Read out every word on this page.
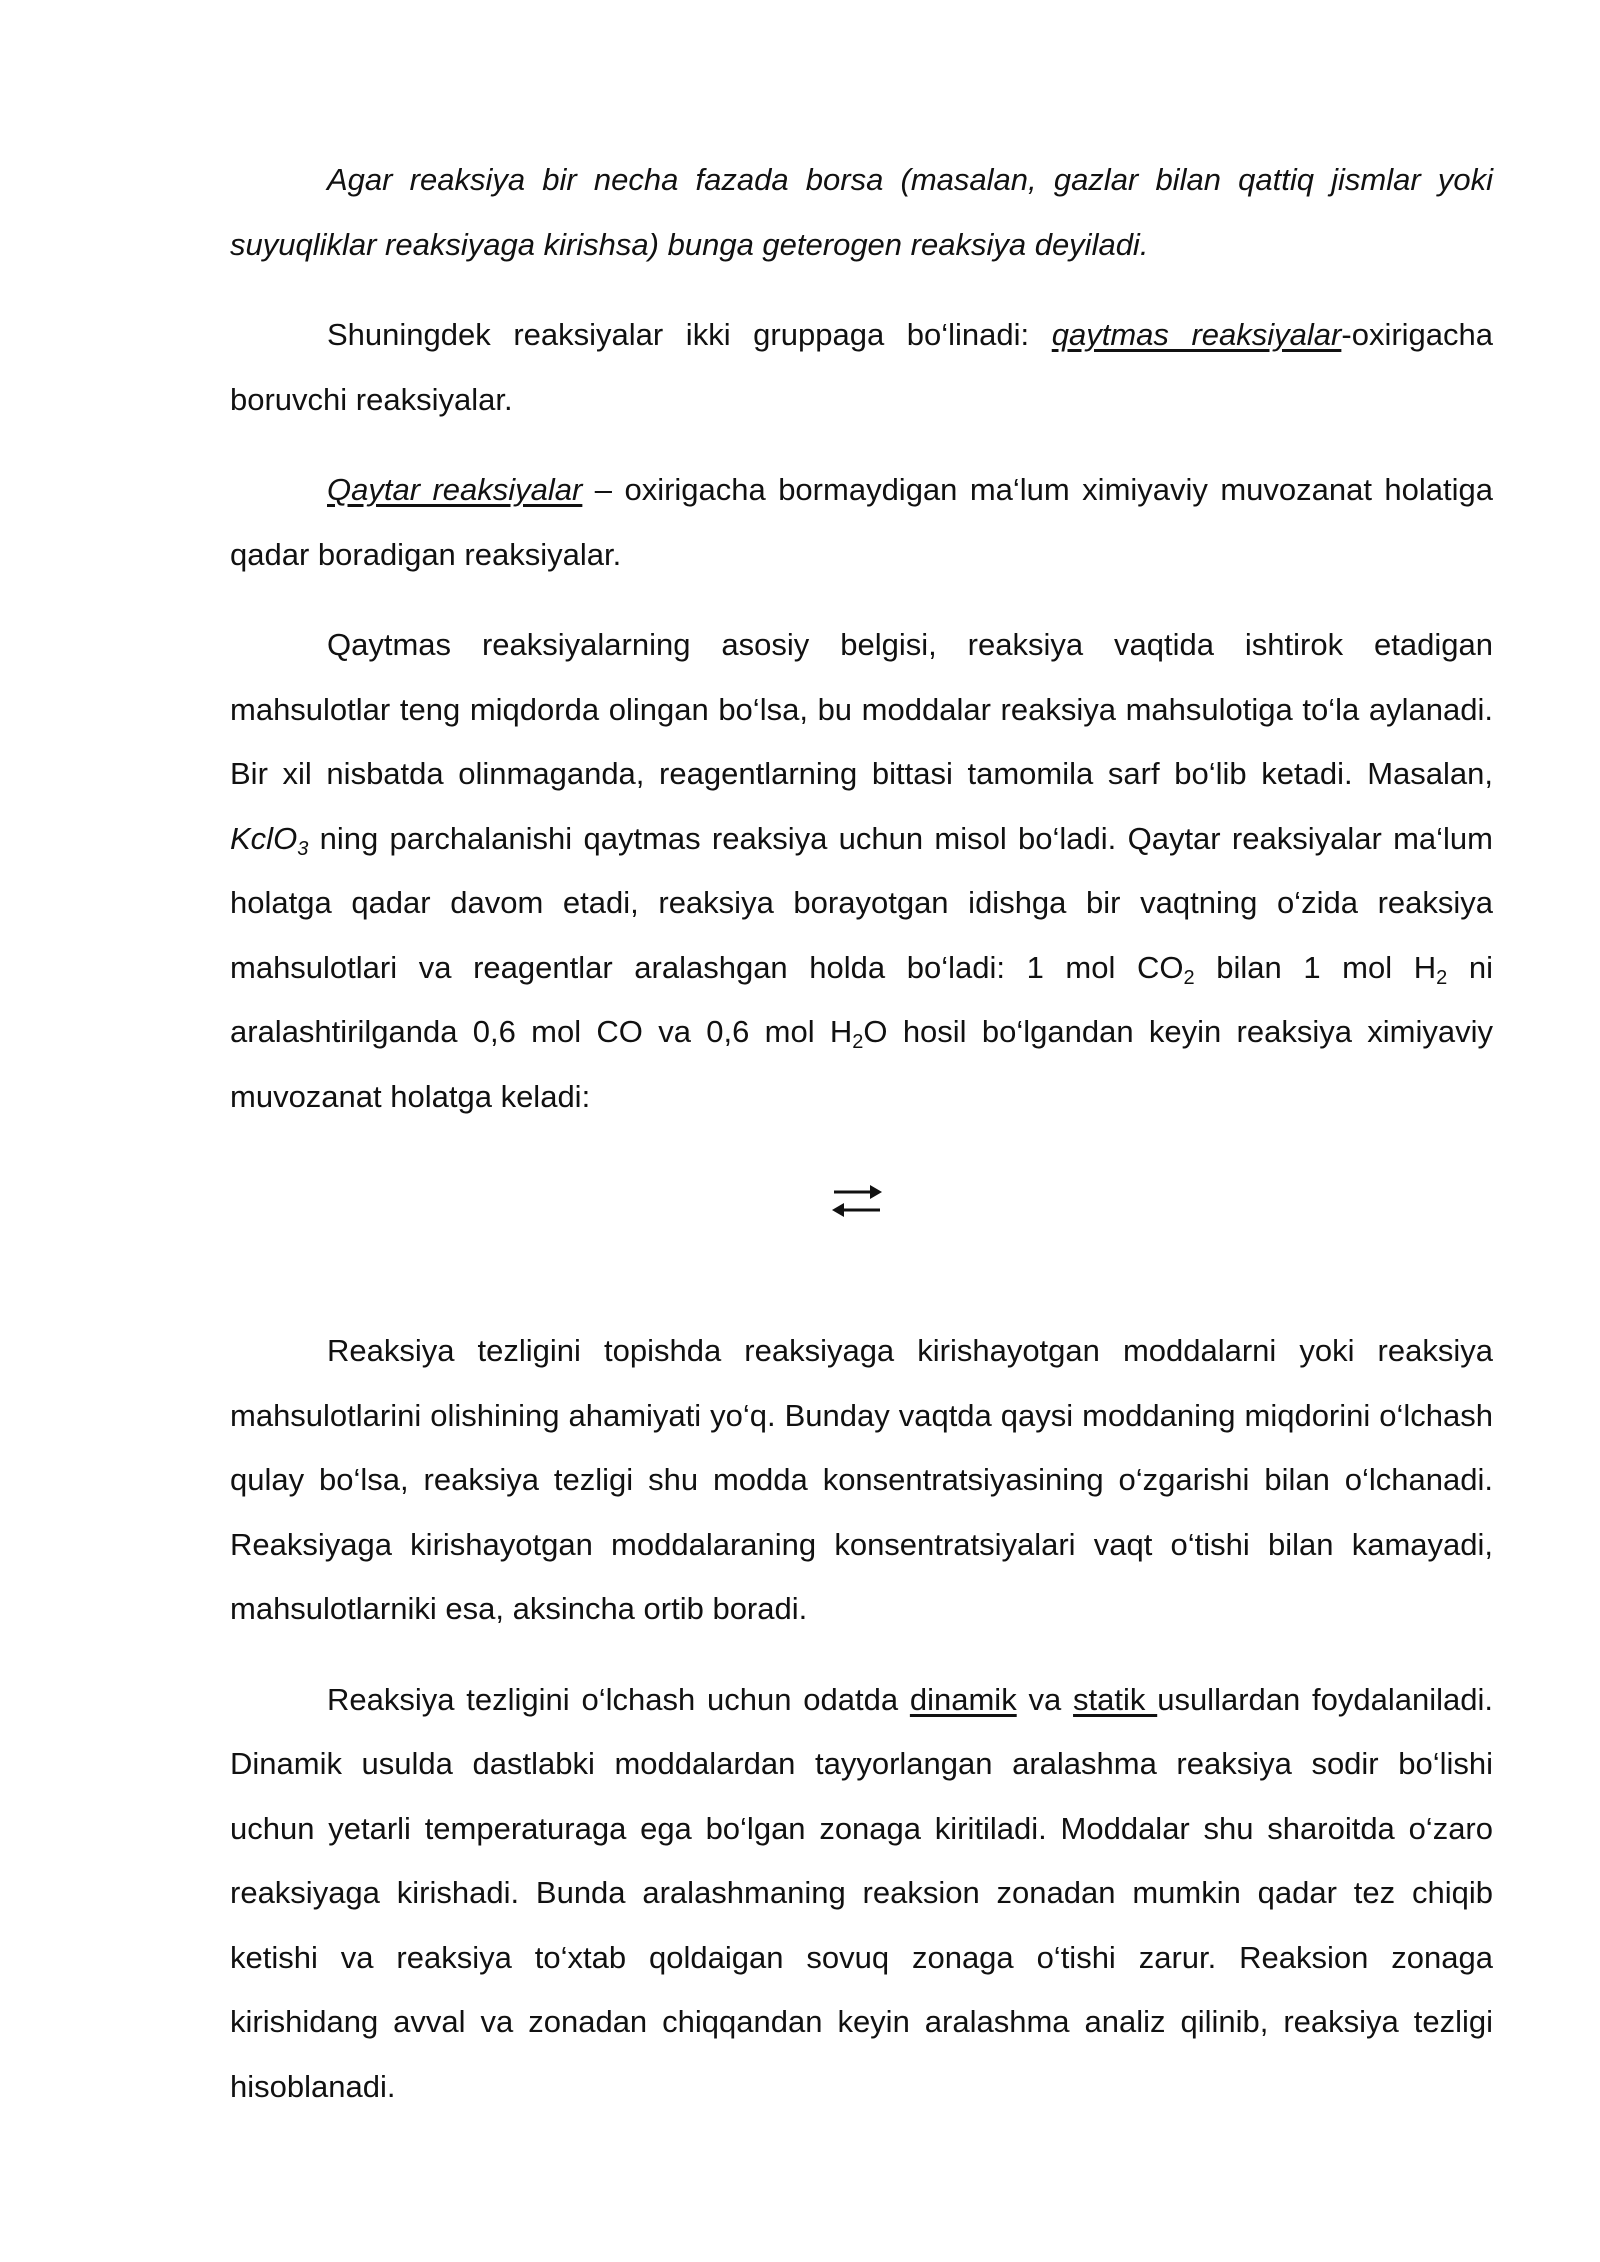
Agar reaksiya bir necha fazada borsa (masalan, gazlar bilan qattiq jismlar yoki suyuqliklar reaksiyaga kirishsa) bunga geterogen reaksiya deyiladi.

Shuningdek reaksiyalar ikki gruppaga bo‘linadi: qaytmas reaksiyalar-oxirigacha boruvchi reaksiyalar.

Qaytar reaksiyalar – oxirigacha bormaydigan ma‘lum ximiyaviy muvozanat holatiga qadar boradigan reaksiyalar.

Qaytmas reaksiyalarning asosiy belgisi, reaksiya vaqtida ishtirok etadigan mahsulotlar teng miqdorda olingan bo‘lsa, bu moddalar reaksiya mahsulotiga to‘la aylanadi. Bir xil nisbatda olinmaganda, reagentlarning bittasi tamomila sarf bo‘lib ketadi. Masalan, KclO$_3$ ning parchalanishi qaytmas reaksiya uchun misol bo‘ladi. Qaytar reaksiyalar ma‘lum holatga qadar davom etadi, reaksiya borayotgan idishga bir vaqtning o‘zida reaksiya mahsulotlari va reagentlar aralashgan holda bo‘ladi: 1 mol $CO_2$ bilan 1 mol $H_2$ ni aralashtirilganda 0,6 mol CO va 0,6 mol $H_2O$ hosil bo‘lgandan keyin reaksiya ximiyaviy muvozanat holatga keladi:

Reaksiya tezligini topishda reaksiyaga kirishayotgan moddalarni yoki reaksiya mahsulotlarini olishining ahamiyati yo‘q. Bunday vaqtda qaysi moddaning miqdorini o‘lchash qulay bo‘lsa, reaksiya tezligi shu modda konsentratsiyasining o‘zgarishi bilan o‘lchanadi. Reaksiyaga kirishayotgan moddalaraning konsentratsiyalari vaqt o‘tishi bilan kamayadi, mahsulotlarniki esa, aksincha ortib boradi.

Reaksiya tezligini o‘lchash uchun odatda dinamik va statik usullardan foydalaniladi. Dinamik usulda dastlabki moddalardan tayyorlangan aralashma reaksiya sodir bo‘lishi uchun yetarli temperaturaga ega bo‘lgan zonaga kiritiladi. Moddalar shu sharoitda o‘zaro reaksiyaga kirishadi. Bunda aralashmaning reaksion zonadan mumkin qadar tez chiqib ketishi va reaksiya to‘xtab qoldaigan sovuq zonaga o‘tishi zarur. Reaksion zonaga kirishidang avval va zonadan chiqqandan keyin aralashma analiz qilinib, reaksiya tezligi hisoblanadi.
